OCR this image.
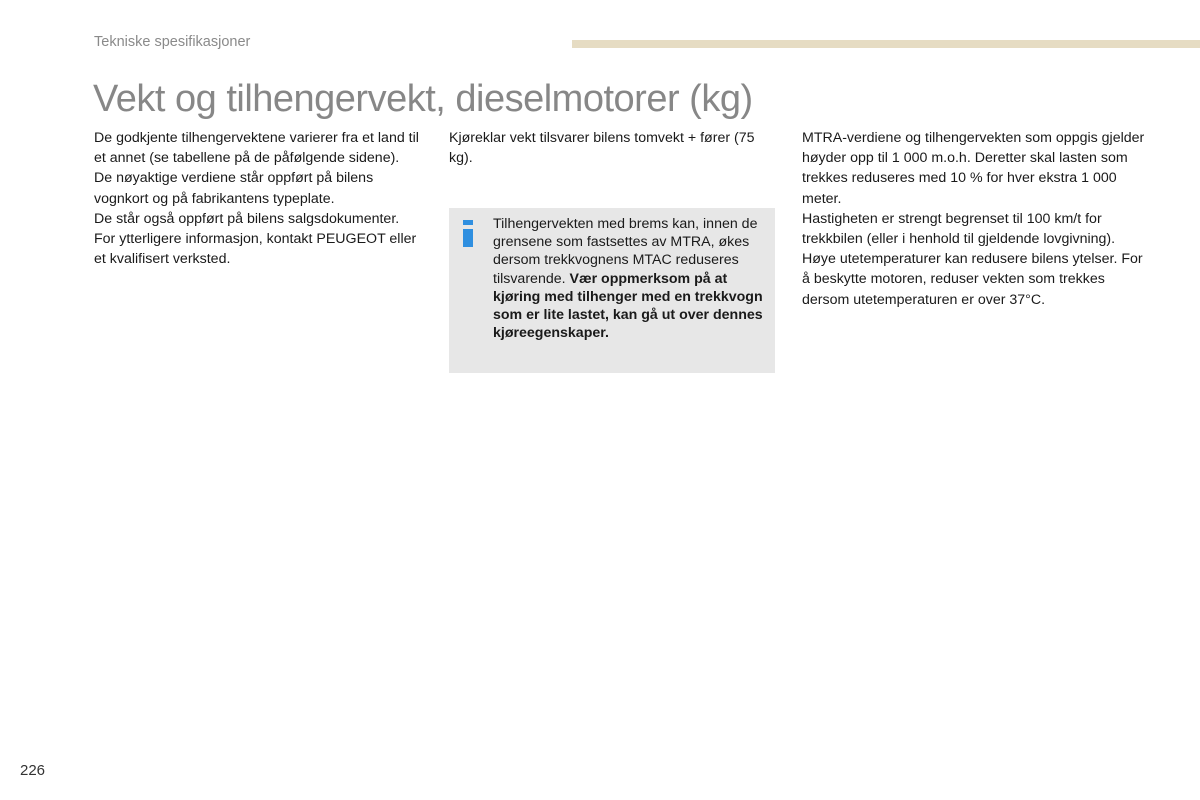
Tekniske spesifikasjoner
Vekt og tilhengervekt, dieselmotorer (kg)

De godkjente tilhengervektene varierer fra et land til et annet (se tabellene på de påfølgende sidene).

De nøyaktige verdiene står oppført på bilens vognkort og på fabrikantens typeplate.

De står også oppført på bilens salgsdokumenter.

For ytterligere informasjon, kontakt PEUGEOT eller et kvalifisert verksted.

Kjøreklar vekt tilsvarer bilens tomvekt + fører (75 kg).

Tilhengervekten med brems kan, innen de grensene som fastsettes av MTRA, økes dersom trekkvognens MTAC reduseres tilsvarende. Vær oppmerksom på at kjøring med tilhenger med en trekkvogn som er lite lastet, kan gå ut over dennes kjøreegenskaper.

MTRA-verdiene og tilhengervekten som oppgis gjelder høyder opp til 1 000 m.o.h. Deretter skal lasten som trekkes reduseres med 10 % for hver ekstra 1 000 meter.

Hastigheten er strengt begrenset til 100 km/t for trekkbilen (eller i henhold til gjeldende lovgivning).

Høye utetemperaturer kan redusere bilens ytelser. For å beskytte motoren, reduser vekten som trekkes dersom utetemperaturen er over 37°C.

226
